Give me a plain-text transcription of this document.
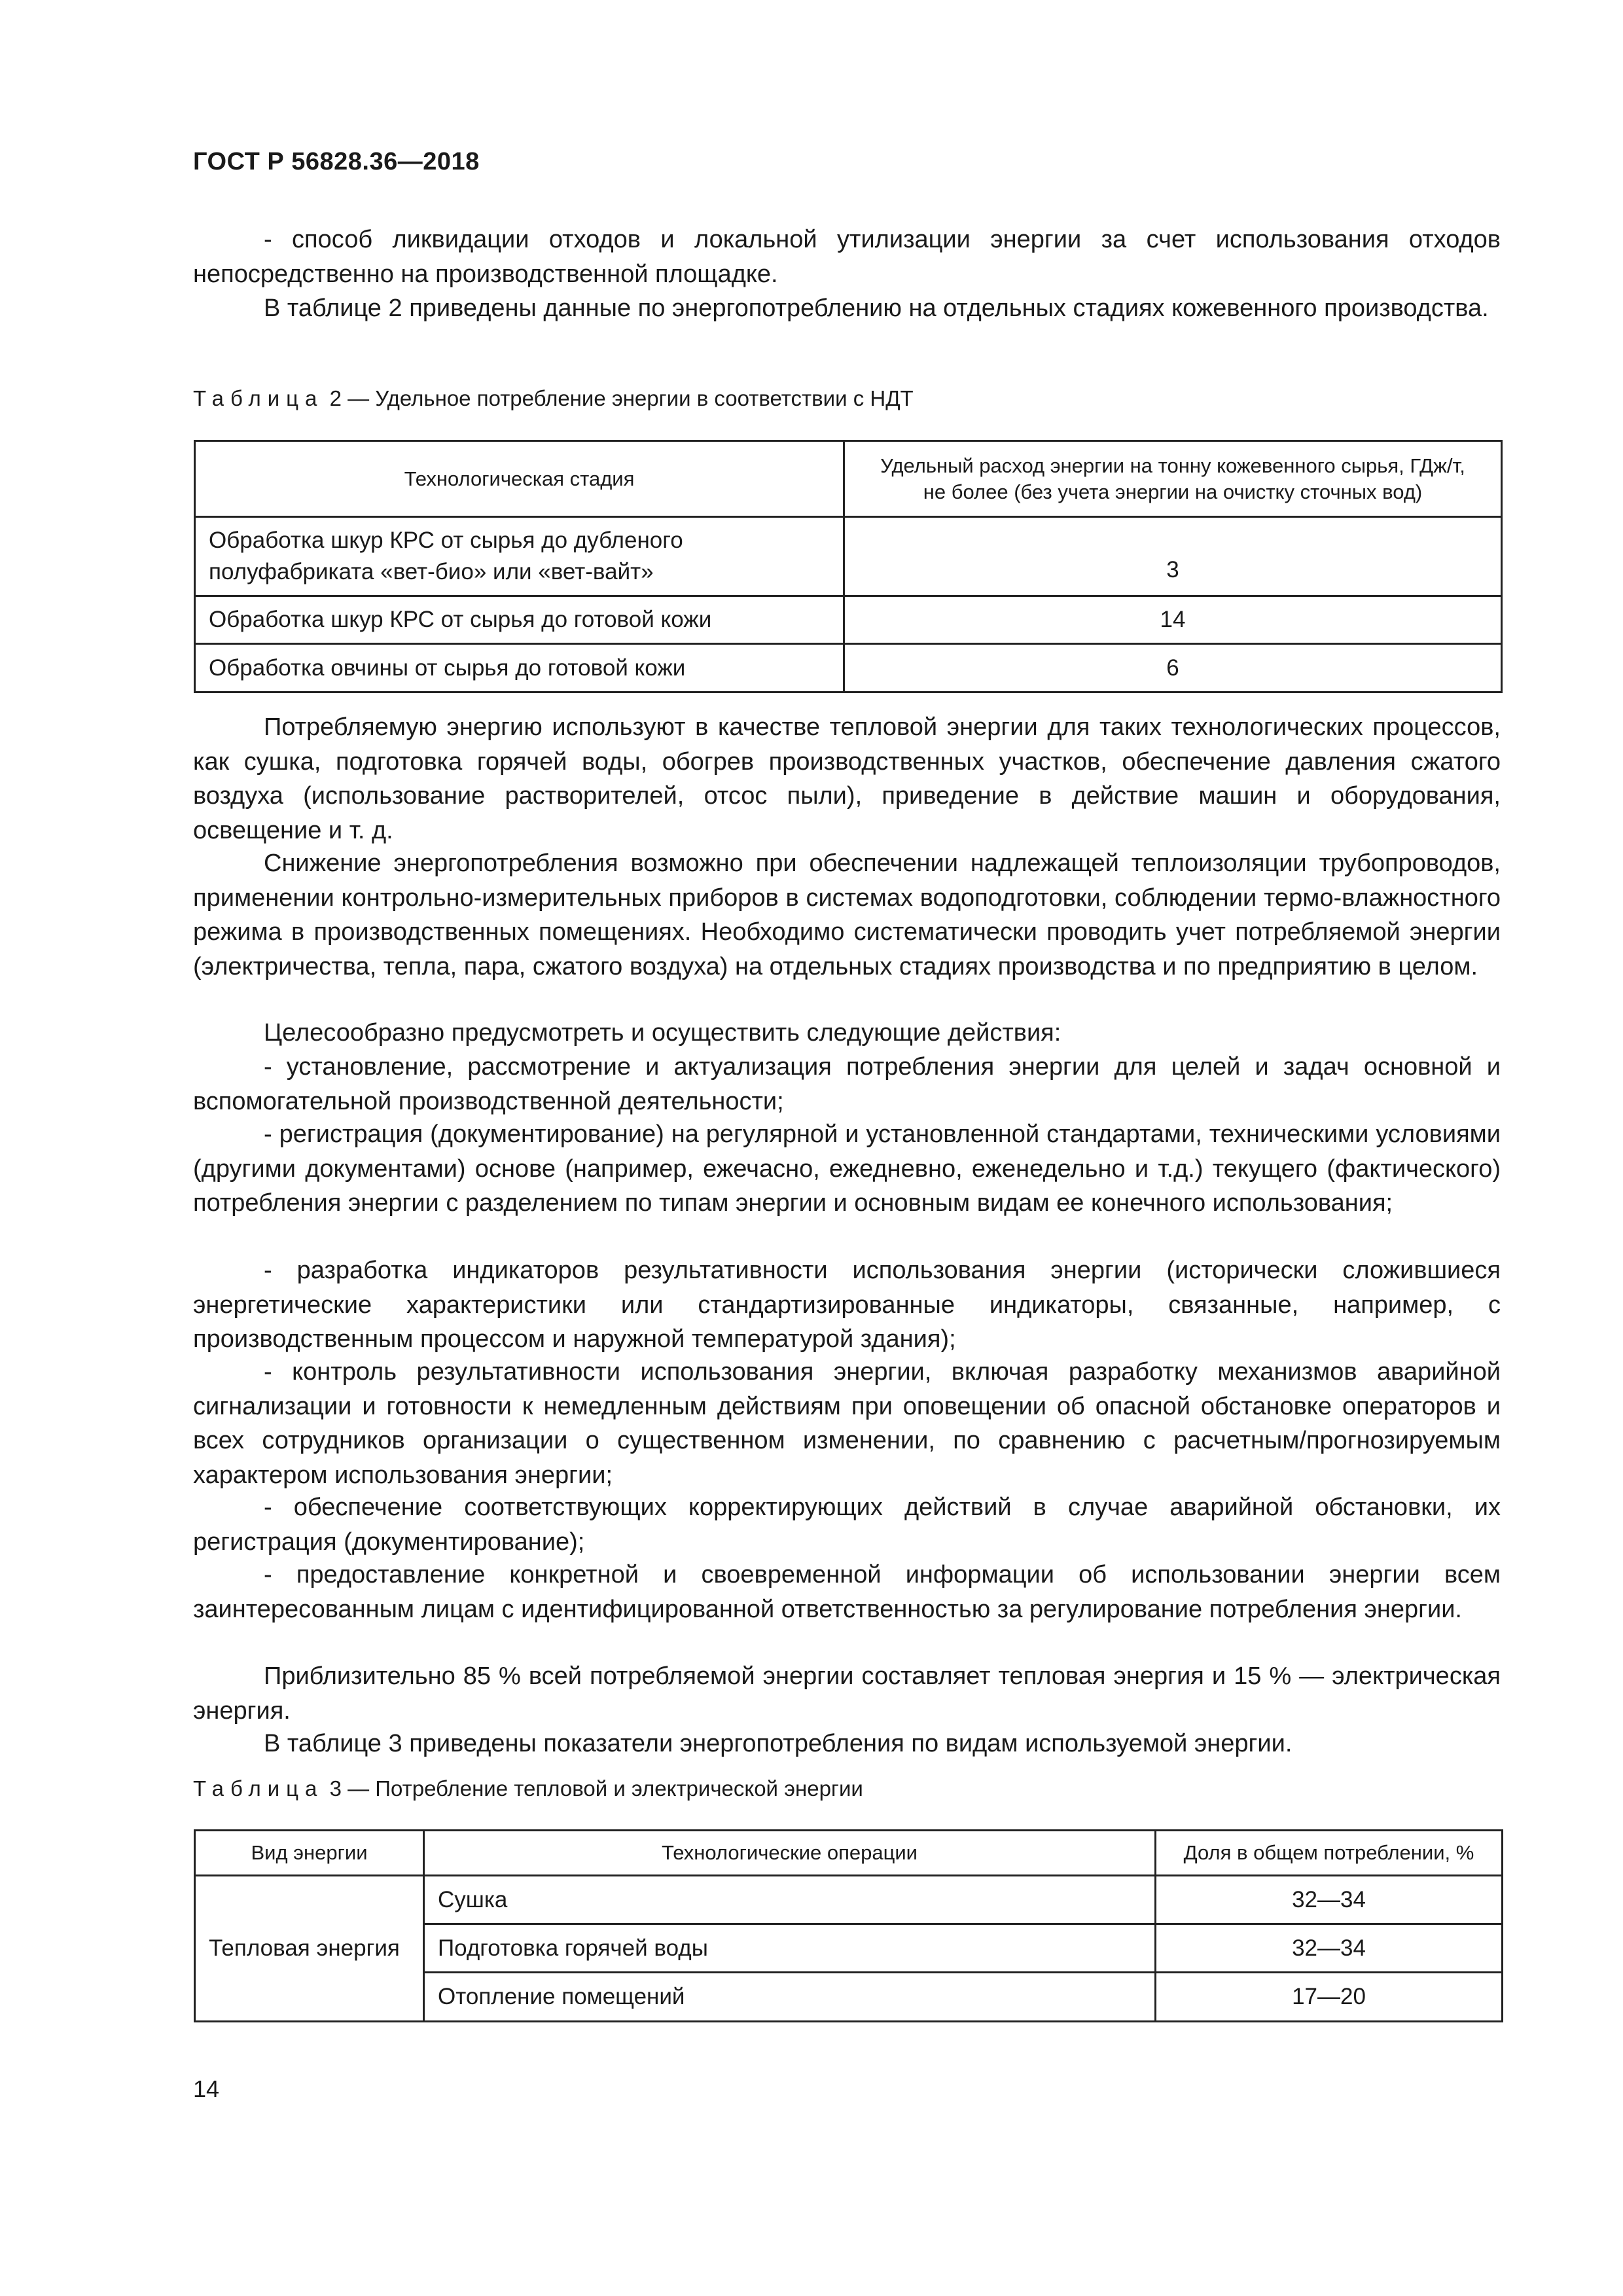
ГОСТ Р 56828.36—2018

- способ ликвидации отходов и локальной утилизации энергии за счет использования отходов непосредственно на производственной площадке.

В таблице 2 приведены данные по энергопотреблению на отдельных стадиях кожевенного производства.

Таблица 2 — Удельное потребление энергии в соответствии с НДТ
Технологическая стадия	Удельный расход энергии на тонну кожевенного сырья, ГДж/т,
не более (без учета энергии на очистку сточных вод)
Обработка шкур КРС от сырья до дубленого полуфабриката «вет-био» или «вет-вайт»	3
Обработка шкур КРС от сырья до готовой кожи	14
Обработка овчины от сырья до готовой кожи	6

Потребляемую энергию используют в качестве тепловой энергии для таких технологических процессов, как сушка, подготовка горячей воды, обогрев производственных участков, обеспечение давления сжатого воздуха (использование растворителей, отсос пыли), приведение в действие машин и оборудования, освещение и т. д.

Снижение энергопотребления возможно при обеспечении надлежащей теплоизоляции трубопроводов, применении контрольно-измерительных приборов в системах водоподготовки, соблюдении термо-влажностного режима в производственных помещениях. Необходимо систематически проводить учет потребляемой энергии (электричества, тепла, пара, сжатого воздуха) на отдельных стадиях производства и по предприятию в целом.

Целесообразно предусмотреть и осуществить следующие действия:

- установление, рассмотрение и актуализация потребления энергии для целей и задач основной и вспомогательной производственной деятельности;

- регистрация (документирование) на регулярной и установленной стандартами, техническими условиями (другими документами) основе (например, ежечасно, ежедневно, еженедельно и т.д.) текущего (фактического) потребления энергии с разделением по типам энергии и основным видам ее конечного использования;

- разработка индикаторов результативности использования энергии (исторически сложившиеся энергетические характеристики или стандартизированные индикаторы, связанные, например, с производственным процессом и наружной температурой здания);

- контроль результативности использования энергии, включая разработку механизмов аварийной сигнализации и готовности к немедленным действиям при оповещении об опасной обстановке операторов и всех сотрудников организации о существенном изменении, по сравнению с расчетным/прогнозируемым характером использования энергии;

- обеспечение соответствующих корректирующих действий в случае аварийной обстановки, их регистрация (документирование);

- предоставление конкретной и своевременной информации об использовании энергии всем заинтересованным лицам с идентифицированной ответственностью за регулирование потребления энергии.

Приблизительно 85 % всей потребляемой энергии составляет тепловая энергия и 15 % — электрическая энергия.

В таблице 3 приведены показатели энергопотребления по видам используемой энергии.

Таблица 3 — Потребление тепловой и электрической энергии
Вид энергии	Технологические операции	Доля в общем потреблении, %
Тепловая энергия	Сушка	32—34
	Подготовка горячей воды	32—34
	Отопление помещений	17—20
14
